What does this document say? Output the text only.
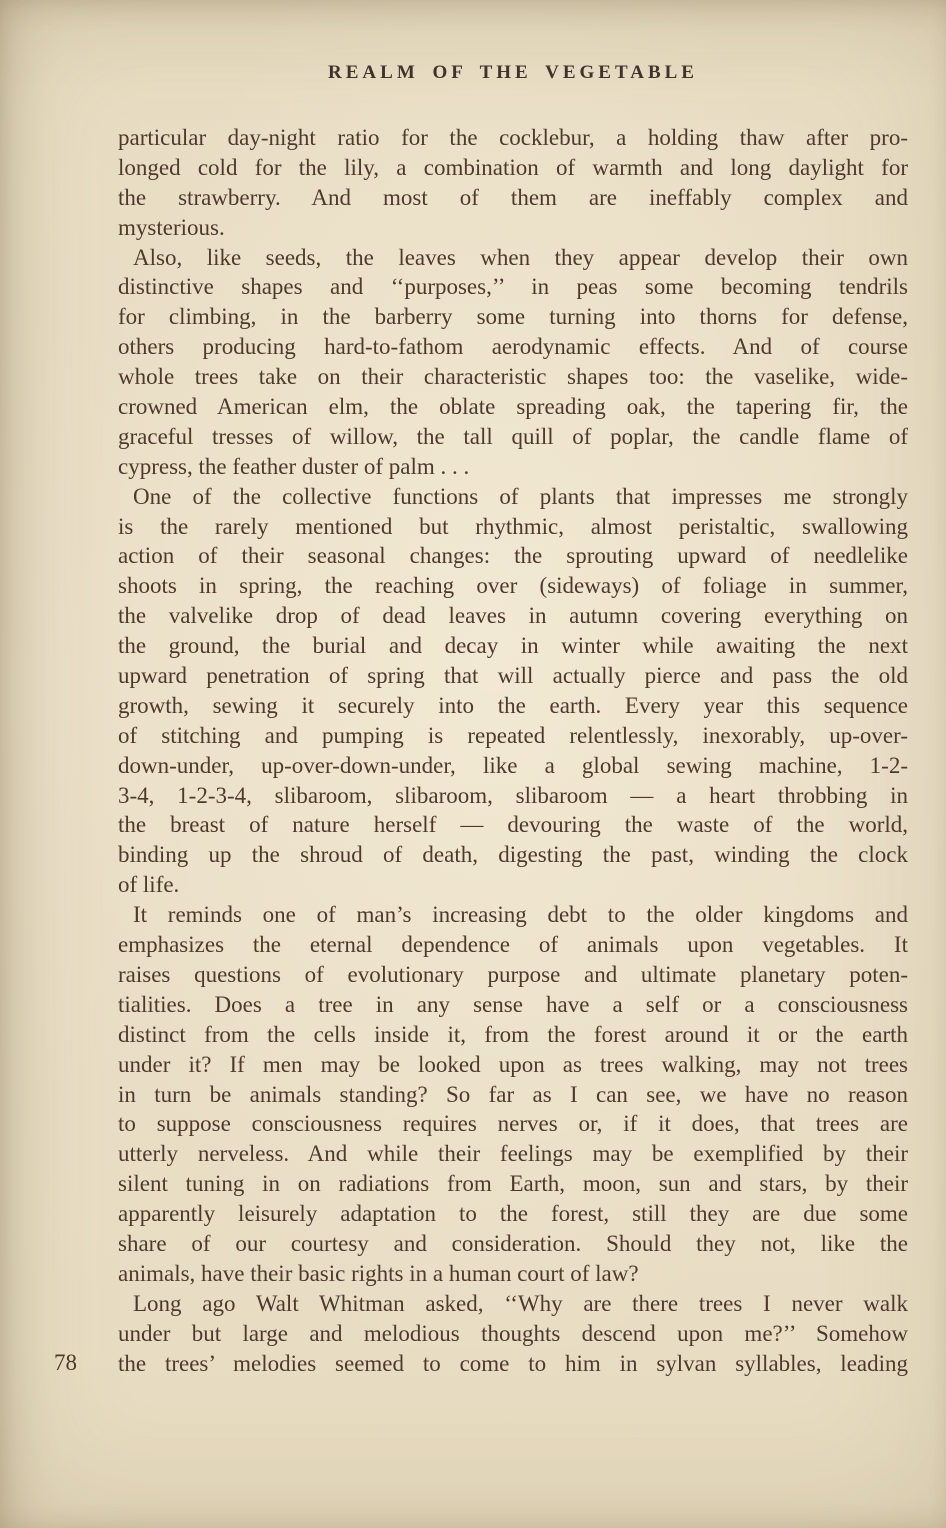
REALM OF THE VEGETABLE
particular day-night ratio for the cocklebur, a holding thaw after pro-
longed cold for the lily, a combination of warmth and long daylight for
the strawberry. And most of them are ineffably complex and
mysterious.
Also, like seeds, the leaves when they appear develop their own
distinctive shapes and ‘‘purposes,’’ in peas some becoming tendrils
for climbing, in the barberry some turning into thorns for defense,
others producing hard-to-fathom aerodynamic effects. And of course
whole trees take on their characteristic shapes too: the vaselike, wide-
crowned American elm, the oblate spreading oak, the tapering fir, the
graceful tresses of willow, the tall quill of poplar, the candle flame of
cypress, the feather duster of palm . . .
One of the collective functions of plants that impresses me strongly
is the rarely mentioned but rhythmic, almost peristaltic, swallowing
action of their seasonal changes: the sprouting upward of needlelike
shoots in spring, the reaching over (sideways) of foliage in summer,
the valvelike drop of dead leaves in autumn covering everything on
the ground, the burial and decay in winter while awaiting the next
upward penetration of spring that will actually pierce and pass the old
growth, sewing it securely into the earth. Every year this sequence
of stitching and pumping is repeated relentlessly, inexorably, up-over-
down-under, up-over-down-under, like a global sewing machine, 1-2-
3-4, 1-2-3-4, slibaroom, slibaroom, slibaroom — a heart throbbing in
the breast of nature herself — devouring the waste of the world,
binding up the shroud of death, digesting the past, winding the clock
of life.
It reminds one of man’s increasing debt to the older kingdoms and
emphasizes the eternal dependence of animals upon vegetables. It
raises questions of evolutionary purpose and ultimate planetary poten-
tialities. Does a tree in any sense have a self or a consciousness
distinct from the cells inside it, from the forest around it or the earth
under it? If men may be looked upon as trees walking, may not trees
in turn be animals standing? So far as I can see, we have no reason
to suppose consciousness requires nerves or, if it does, that trees are
utterly nerveless. And while their feelings may be exemplified by their
silent tuning in on radiations from Earth, moon, sun and stars, by their
apparently leisurely adaptation to the forest, still they are due some
share of our courtesy and consideration. Should they not, like the
animals, have their basic rights in a human court of law?
Long ago Walt Whitman asked, ‘‘Why are there trees I never walk
under but large and melodious thoughts descend upon me?’’ Somehow
the trees’ melodies seemed to come to him in sylvan syllables, leading
78
